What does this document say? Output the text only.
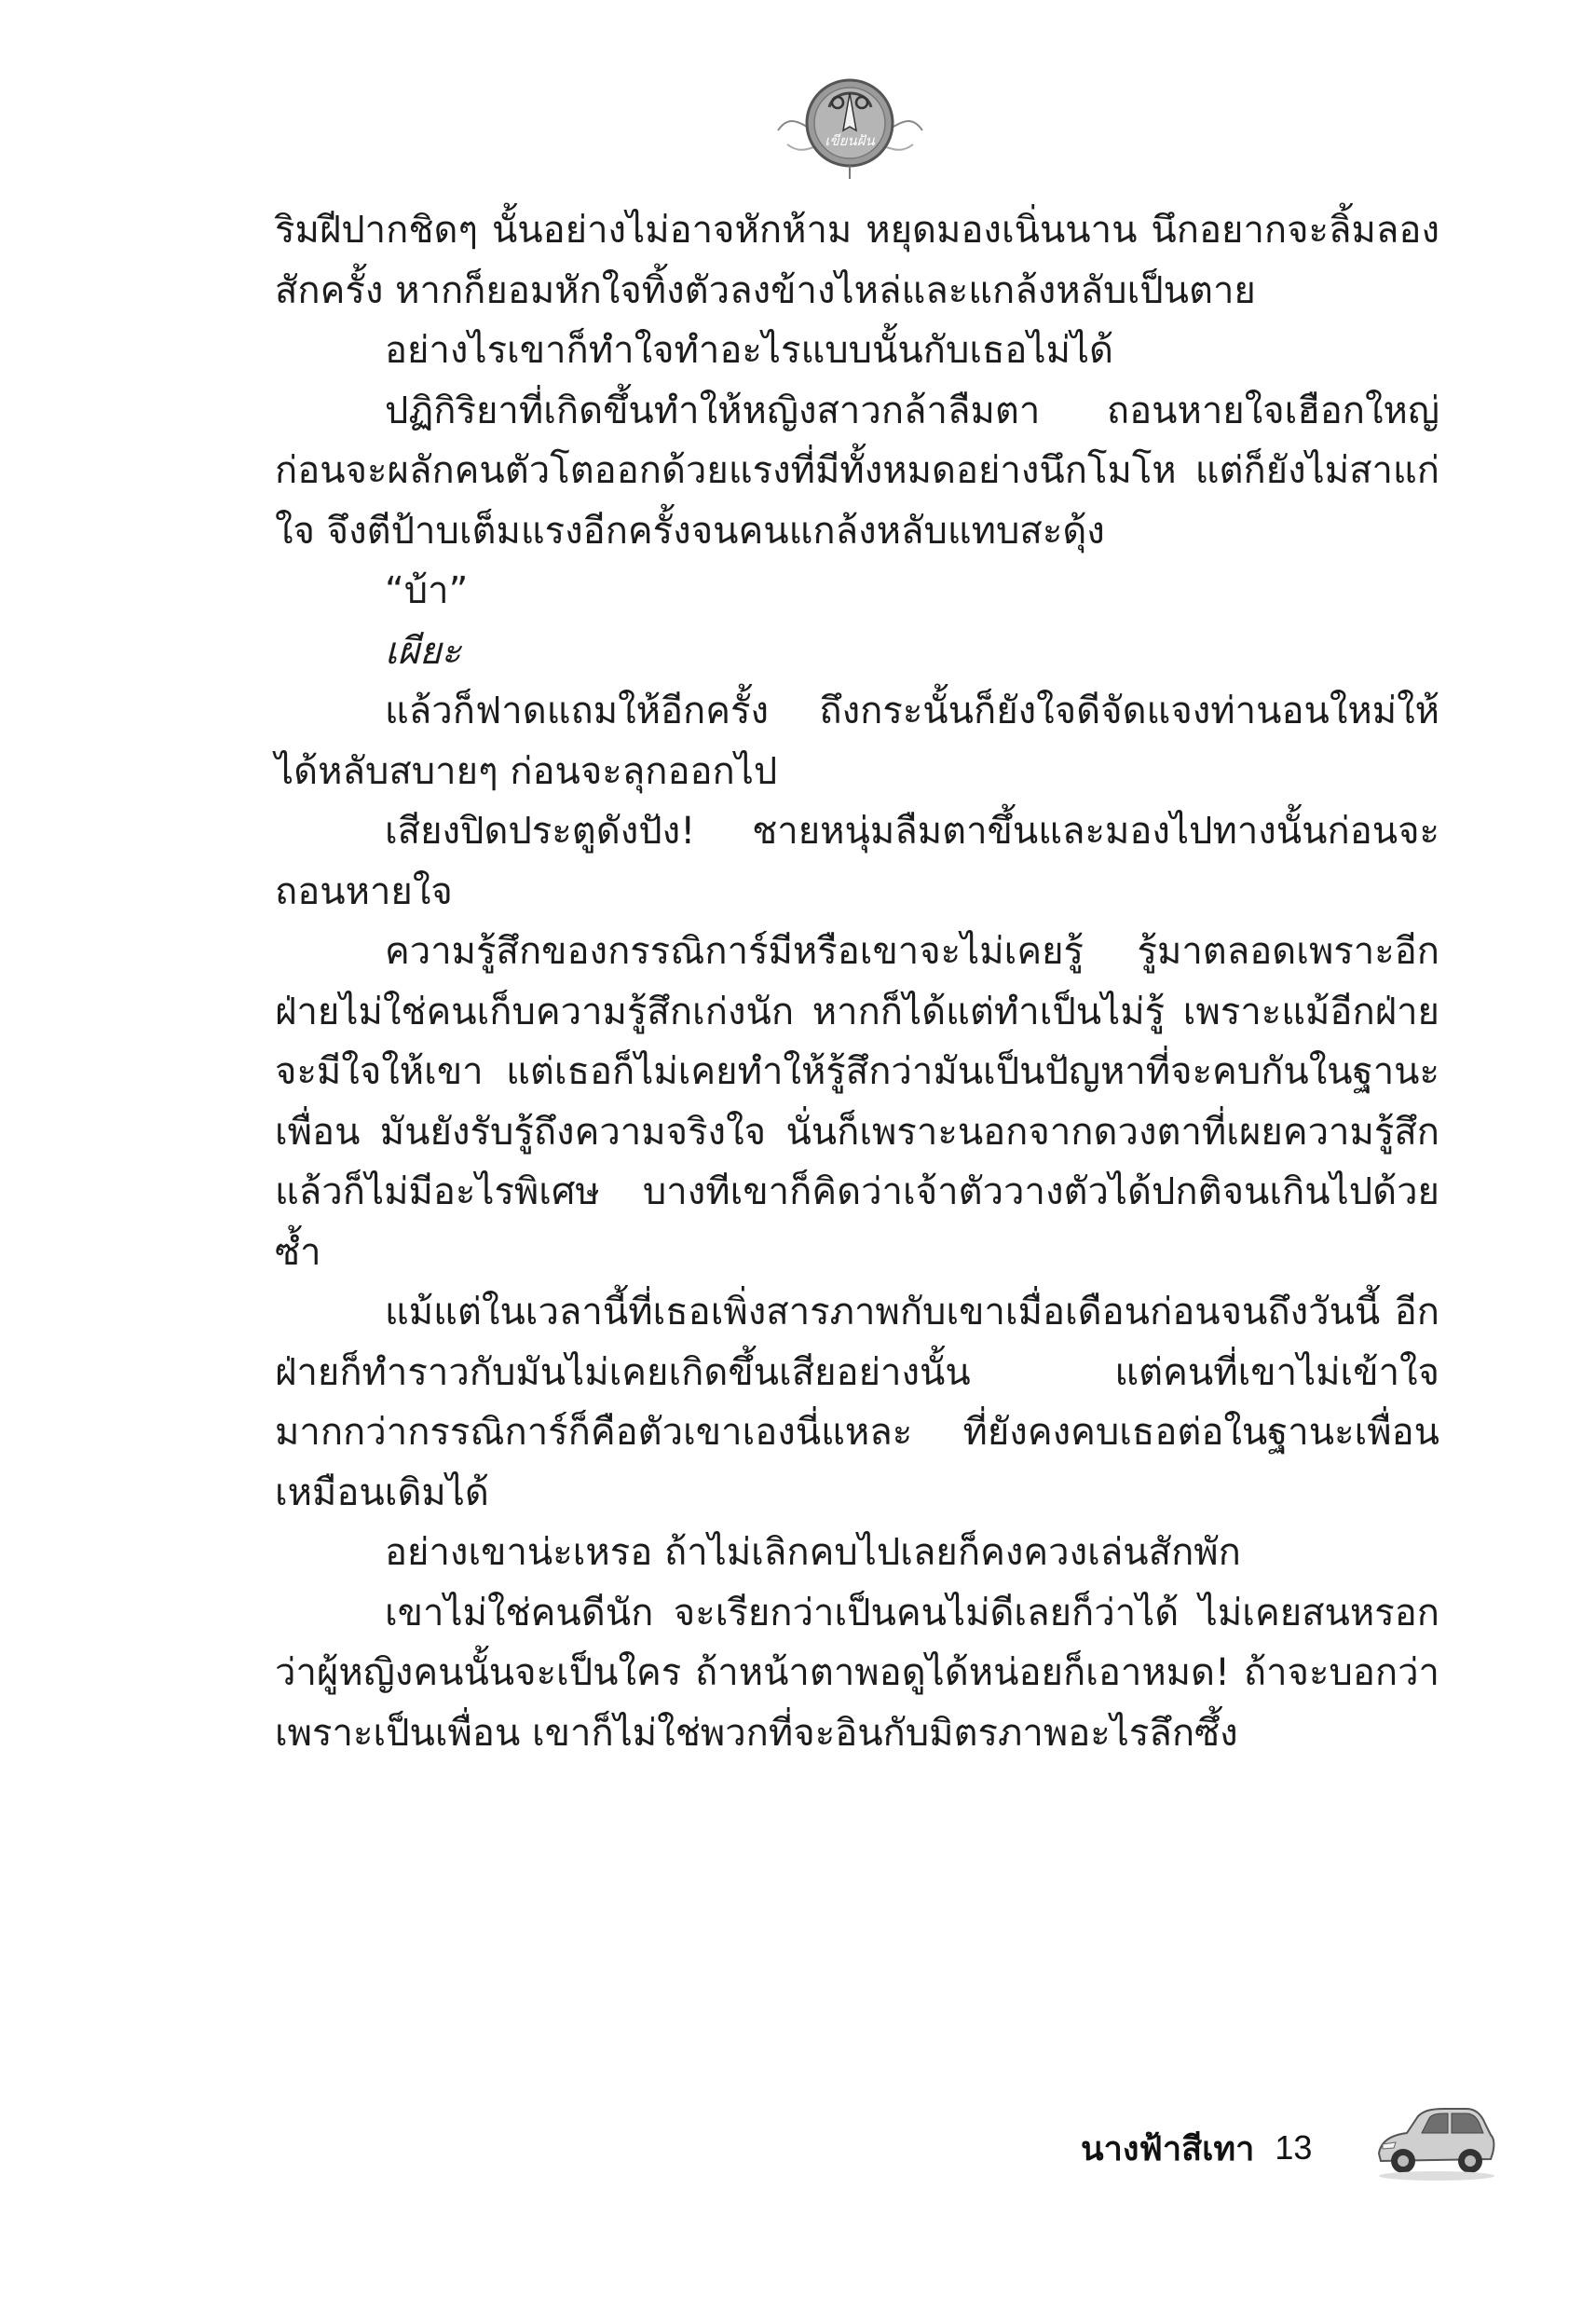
เขียนฝัน

ริมฝีปากชิดๆ นั้นอย่างไม่อาจหักห้าม หยุดมองเนิ่นนาน นึกอยากจะลิ้มลองสักครั้ง หากก็ยอมหักใจทิ้งตัวลงข้างไหล่และแกล้งหลับเป็นตาย

อย่างไรเขาก็ทำใจทำอะไรแบบนั้นกับเธอไม่ได้

ปฏิกิริยาที่เกิดขึ้นทำให้หญิงสาวกล้าลืมตา ถอนหายใจเฮือกใหญ่ก่อนจะผลักคนตัวโตออกด้วยแรงที่มีทั้งหมดอย่างนึกโมโห แต่ก็ยังไม่สาแก่ใจ จึงตีป้าบเต็มแรงอีกครั้งจนคนแกล้งหลับแทบสะดุ้ง

“บ้า”

เผียะ

แล้วก็ฟาดแถมให้อีกครั้ง ถึงกระนั้นก็ยังใจดีจัดแจงท่านอนใหม่ให้ได้หลับสบายๆ ก่อนจะลุกออกไป

เสียงปิดประตูดังปัง! ชายหนุ่มลืมตาขึ้นและมองไปทางนั้นก่อนจะถอนหายใจ

ความรู้สึกของกรรณิการ์มีหรือเขาจะไม่เคยรู้ รู้มาตลอดเพราะอีกฝ่ายไม่ใช่คนเก็บความรู้สึกเก่งนัก หากก็ได้แต่ทำเป็นไม่รู้ เพราะแม้อีกฝ่ายจะมีใจให้เขา แต่เธอก็ไม่เคยทำให้รู้สึกว่ามันเป็นปัญหาที่จะคบกันในฐานะเพื่อน มันยังรับรู้ถึงความจริงใจ นั่นก็เพราะนอกจากดวงตาที่เผยความรู้สึกแล้วก็ไม่มีอะไรพิเศษ บางทีเขาก็คิดว่าเจ้าตัววางตัวได้ปกติจนเกินไปด้วยซ้ำ

แม้แต่ในเวลานี้ที่เธอเพิ่งสารภาพกับเขาเมื่อเดือนก่อนจนถึงวันนี้ อีกฝ่ายก็ทำราวกับมันไม่เคยเกิดขึ้นเสียอย่างนั้น แต่คนที่เขาไม่เข้าใจมากกว่ากรรณิการ์ก็คือตัวเขาเองนี่แหละ ที่ยังคงคบเธอต่อในฐานะเพื่อนเหมือนเดิมได้

อย่างเขาน่ะเหรอ ถ้าไม่เลิกคบไปเลยก็คงควงเล่นสักพัก

เขาไม่ใช่คนดีนัก จะเรียกว่าเป็นคนไม่ดีเลยก็ว่าได้ ไม่เคยสนหรอกว่าผู้หญิงคนนั้นจะเป็นใคร ถ้าหน้าตาพอดูได้หน่อยก็เอาหมด! ถ้าจะบอกว่าเพราะเป็นเพื่อน เขาก็ไม่ใช่พวกที่จะอินกับมิตรภาพอะไรลึกซึ้ง

นางฟ้าสีเทา 13
